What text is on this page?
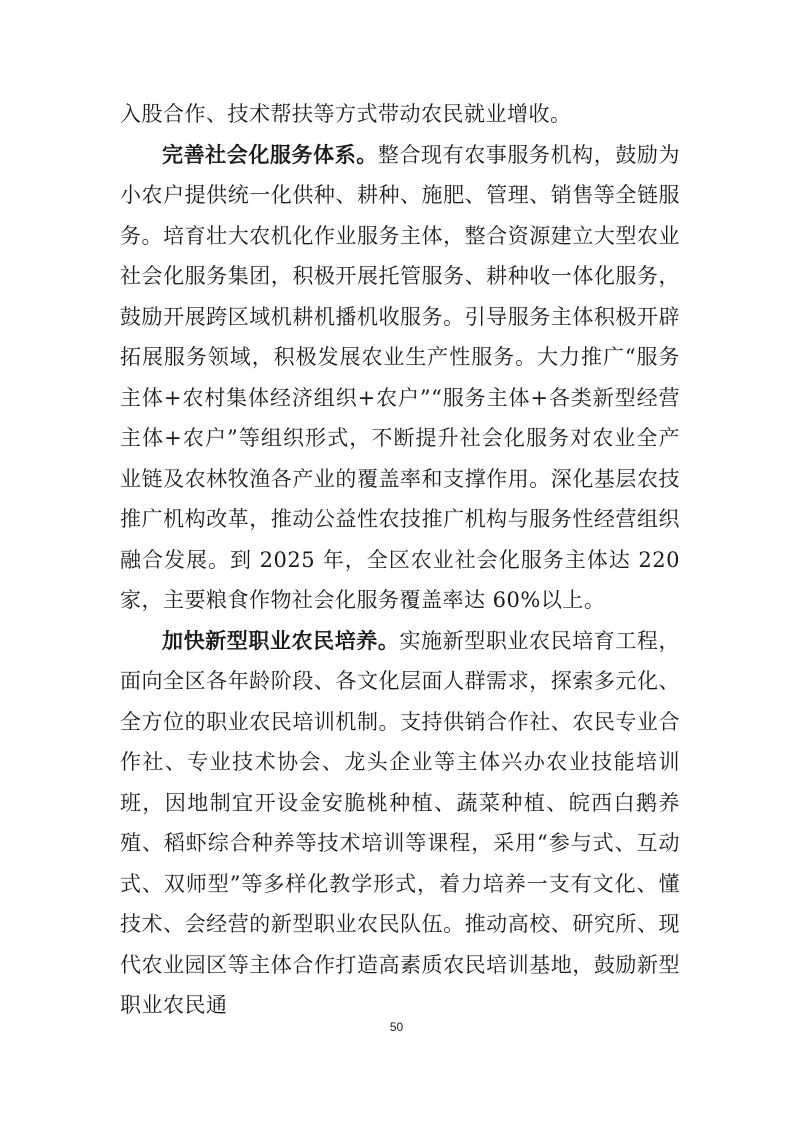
入股合作、技术帮扶等方式带动农民就业增收。

完善社会化服务体系。整合现有农事服务机构，鼓励为小农户提供统一化供种、耕种、施肥、管理、销售等全链服务。培育壮大农机化作业服务主体，整合资源建立大型农业社会化服务集团，积极开展托管服务、耕种收一体化服务，鼓励开展跨区域机耕机播机收服务。引导服务主体积极开辟拓展服务领域，积极发展农业生产性服务。大力推广“服务主体+农村集体经济组织+农户”“服务主体+各类新型经营主体+农户”等组织形式，不断提升社会化服务对农业全产业链及农林牧渔各产业的覆盖率和支撑作用。深化基层农技推广机构改革，推动公益性农技推广机构与服务性经营组织融合发展。到 2025 年，全区农业社会化服务主体达 220 家，主要粮食作物社会化服务覆盖率达 60%以上。

加快新型职业农民培养。实施新型职业农民培育工程，面向全区各年龄阶段、各文化层面人群需求，探索多元化、全方位的职业农民培训机制。支持供销合作社、农民专业合作社、专业技术协会、龙头企业等主体兴办农业技能培训班，因地制宜开设金安脆桃种植、蔬菜种植、皖西白鹅养殖、稻虾综合种养等技术培训等课程，采用“参与式、互动式、双师型”等多样化教学形式，着力培养一支有文化、懂技术、会经营的新型职业农民队伍。推动高校、研究所、现代农业园区等主体合作打造高素质农民培训基地，鼓励新型职业农民通

50
